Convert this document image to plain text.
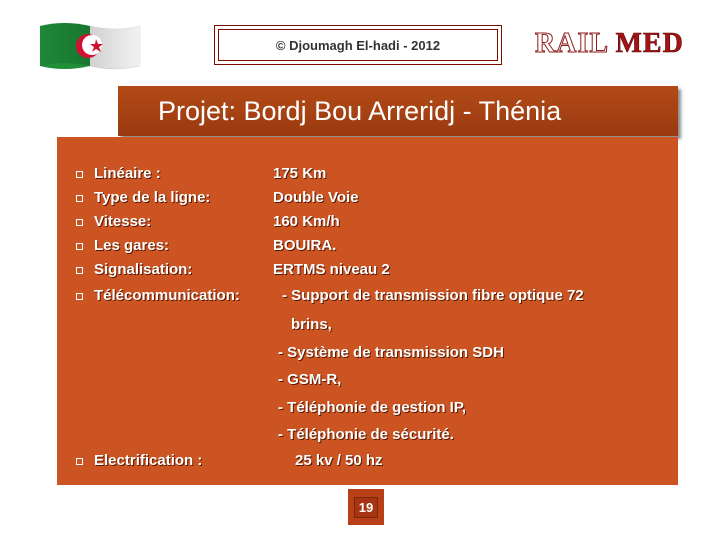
© Djoumagh El-hadi - 2012	RAIL MED
Projet: Bordj Bou Arreridj - Thénia
Linéaire :	175 Km
Type de la ligne:	Double Voie
Vitesse:	160 Km/h
Les gares:	BOUIRA.
Signalisation:	ERTMS niveau 2
Télécommunication:	- Support de transmission fibre optique 72
brins,
- Système de transmission SDH
- GSM-R,
- Téléphonie de gestion IP,
- Téléphonie de sécurité.
Electrification :	25 kv / 50 hz
19
